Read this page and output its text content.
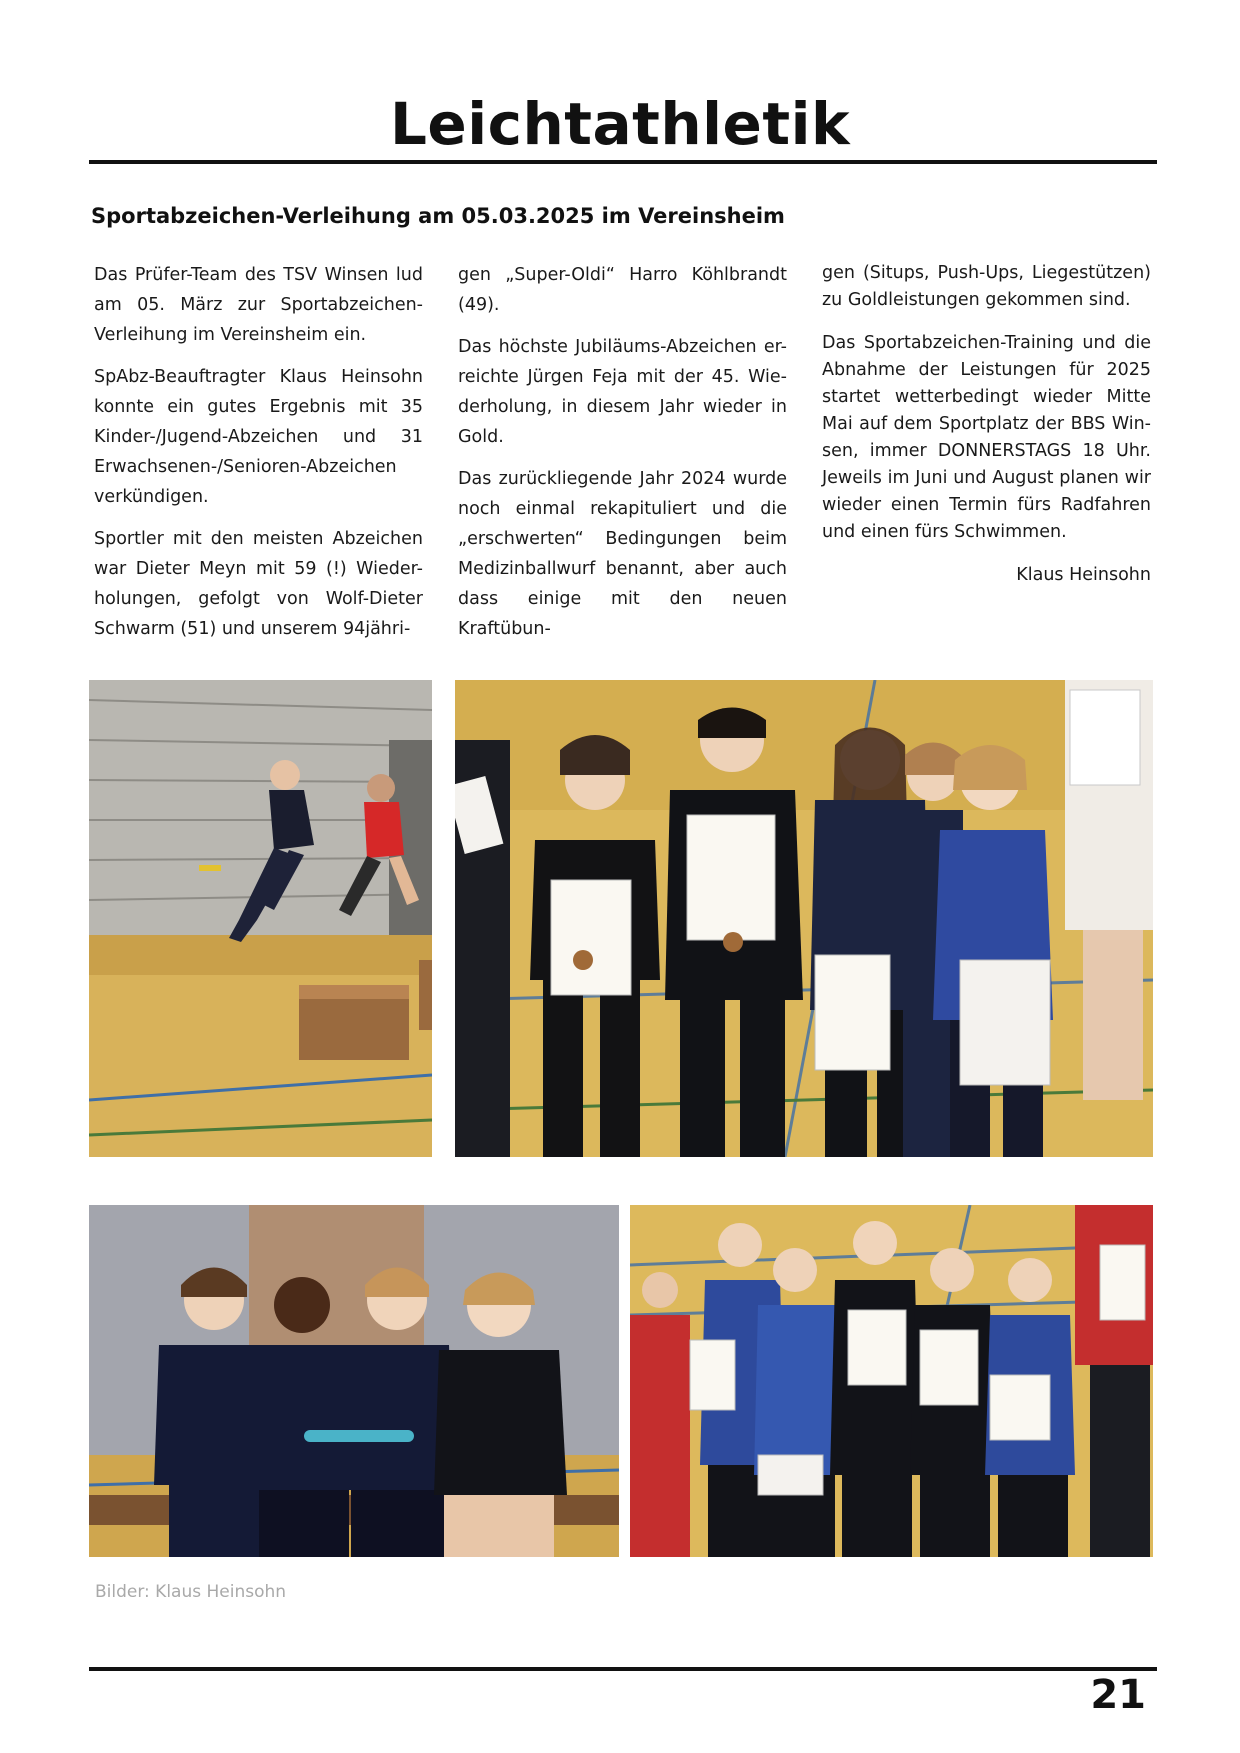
Leichtathletik
Sportabzeichen-Verleihung am 05.03.2025 im Vereinsheim

Das Prüfer-Team des TSV Winsen lud am 05. März zur Sportabzeichen-Verleihung im Vereinsheim ein.

SpAbz-Beauftragter Klaus Heinsohn konnte ein gutes Ergebnis mit 35 Kinder-/Jugend-Abzeichen und 31 Erwachsenen-/Senioren-Abzeichen verkündigen.

Sportler mit den meisten Abzeichen war Dieter Meyn mit 59 (!) Wieder-holungen, gefolgt von Wolf-Dieter Schwarm (51) und unserem 94jähri-

gen „Super-Oldi“ Harro Köhlbrandt (49).

Das höchste Jubiläums-Abzeichen er-reichte Jürgen Feja mit der 45. Wie-derholung, in diesem Jahr wieder in Gold.

Das zurückliegende Jahr 2024 wurde noch einmal rekapituliert und die „erschwerten“ Bedingungen beim Medizinballwurf benannt, aber auch dass einige mit den neuen Kraftübun-

gen (Situps, Push-Ups, Liegestützen) zu Goldleistungen gekommen sind.

Das Sportabzeichen-Training und die Abnahme der Leistungen für 2025 startet wetterbedingt wieder Mitte Mai auf dem Sportplatz der BBS Win-sen, immer DONNERSTAGS 18 Uhr. Jeweils im Juni und August planen wir wieder einen Termin fürs Radfahren und einen fürs Schwimmen.

Klaus Heinsohn

Bilder: Klaus Heinsohn
21
